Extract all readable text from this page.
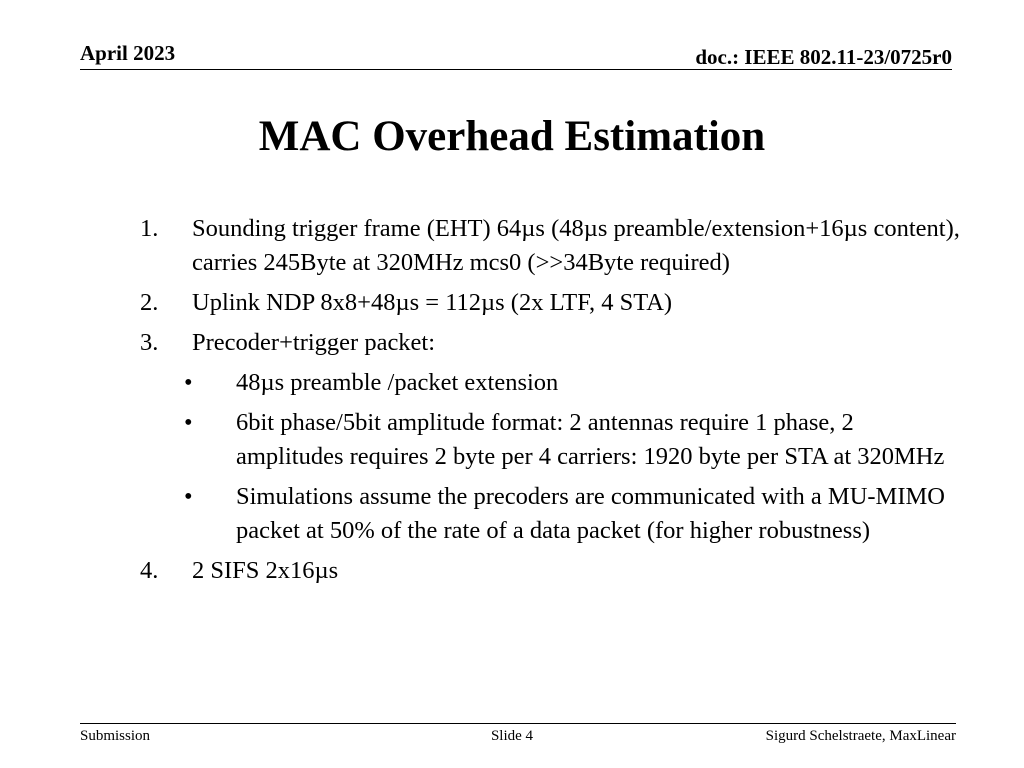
April 2023	doc.: IEEE 802.11-23/0725r0
MAC Overhead Estimation
1. Sounding trigger frame (EHT) 64µs (48µs preamble/extension+16µs content), carries 245Byte at 320MHz mcs0 (>>34Byte required)
2. Uplink NDP 8x8+48µs = 112µs (2x LTF, 4 STA)
3. Precoder+trigger packet:
• 48µs preamble /packet extension
• 6bit phase/5bit amplitude format: 2 antennas require 1 phase, 2 amplitudes requires 2 byte per 4 carriers: 1920 byte per STA at 320MHz
• Simulations assume the precoders are communicated with a MU-MIMO packet at 50% of the rate of a data packet (for higher robustness)
4. 2 SIFS 2x16µs
Submission	Slide 4	Sigurd Schelstraete, MaxLinear
